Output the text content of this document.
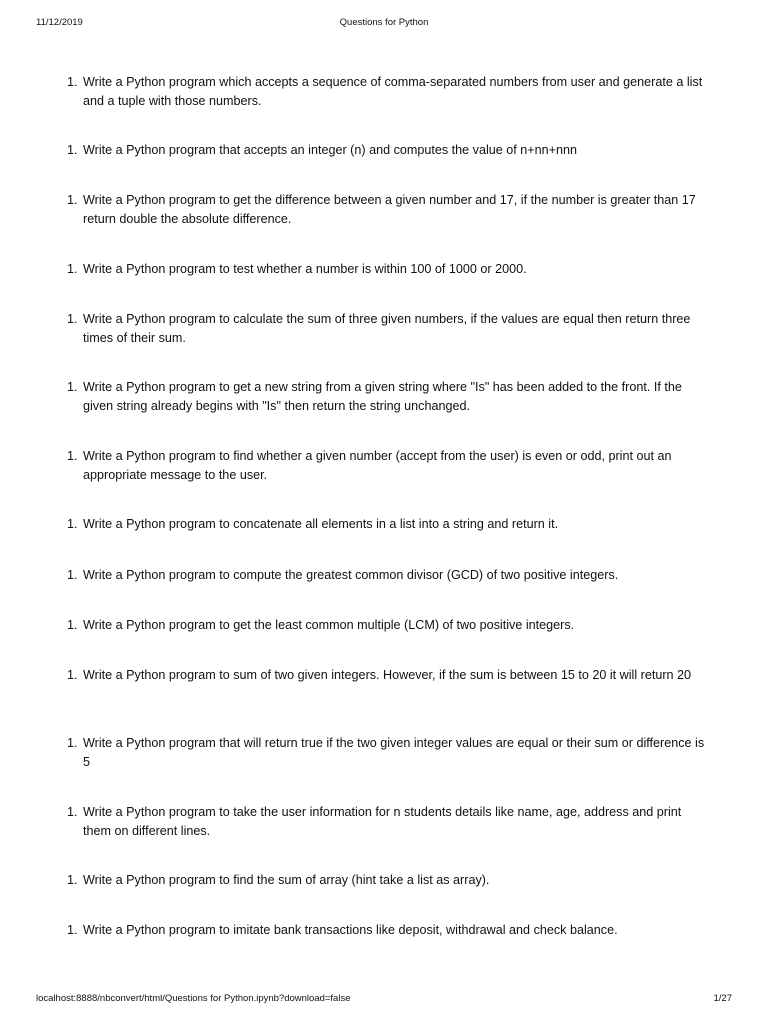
11/12/2019	Questions for Python
1. Write a Python program which accepts a sequence of comma-separated numbers from user and generate a list and a tuple with those numbers.
1. Write a Python program that accepts an integer (n) and computes the value of n+nn+nnn
1. Write a Python program to get the difference between a given number and 17, if the number is greater than 17 return double the absolute difference.
1. Write a Python program to test whether a number is within 100 of 1000 or 2000.
1. Write a Python program to calculate the sum of three given numbers, if the values are equal then return three times of their sum.
1. Write a Python program to get a new string from a given string where "Is" has been added to the front. If the given string already begins with "Is" then return the string unchanged.
1. Write a Python program to find whether a given number (accept from the user) is even or odd, print out an appropriate message to the user.
1. Write a Python program to concatenate all elements in a list into a string and return it.
1. Write a Python program to compute the greatest common divisor (GCD) of two positive integers.
1. Write a Python program to get the least common multiple (LCM) of two positive integers.
1. Write a Python program to sum of two given integers. However, if the sum is between 15 to 20 it will return 20
1. Write a Python program that will return true if the two given integer values are equal or their sum or difference is 5
1. Write a Python program to take the user information for n students details like name, age, address and print them on different lines.
1. Write a Python program to find the sum of array (hint take a list as array).
1. Write a Python program to imitate bank transactions like deposit, withdrawal and check balance.
localhost:8888/nbconvert/html/Questions for Python.ipynb?download=false	1/27
